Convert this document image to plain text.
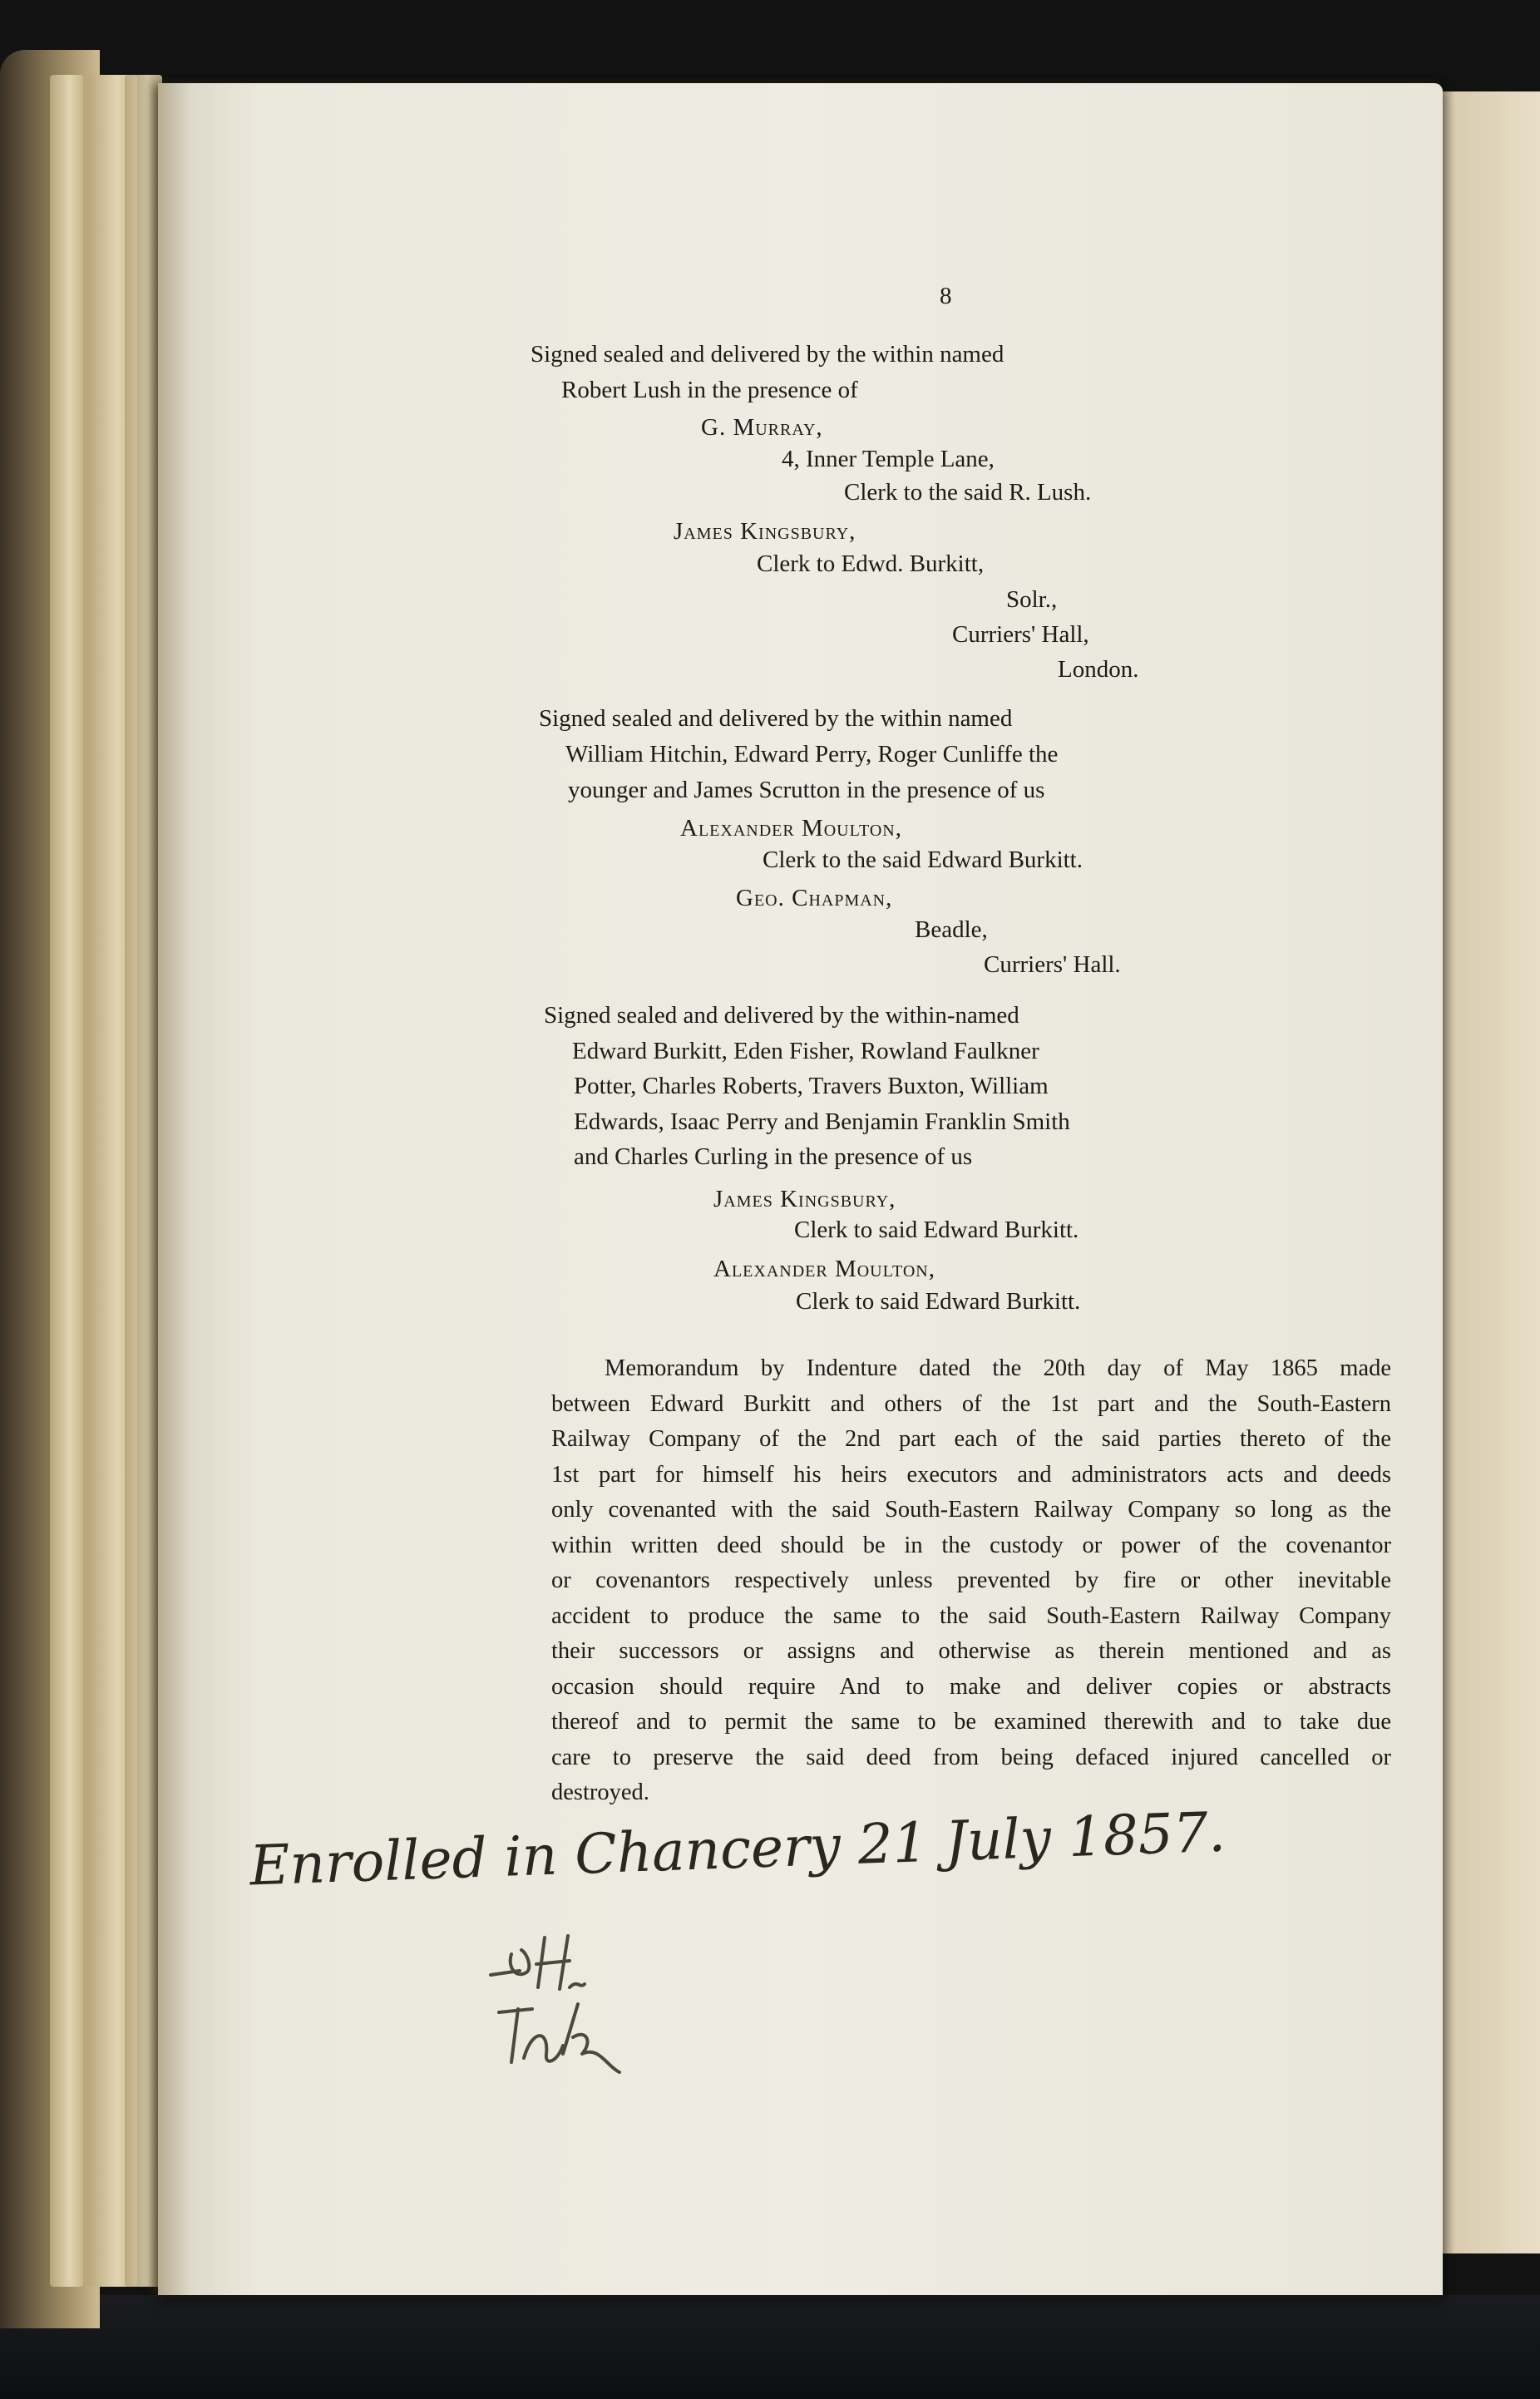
8
Signed sealed and delivered by the within named
Robert Lush in the presence of
G. Murray,
4, Inner Temple Lane,
Clerk to the said R. Lush.
James Kingsbury,
Clerk to Edwd. Burkitt,
Solr.,
Curriers' Hall,
London.
Signed sealed and delivered by the within named
William Hitchin, Edward Perry, Roger Cunliffe the
younger and James Scrutton in the presence of us
Alexander Moulton,
Clerk to the said Edward Burkitt.
Geo. Chapman,
Beadle,
Curriers' Hall.
Signed sealed and delivered by the within-named
Edward Burkitt, Eden Fisher, Rowland Faulkner
Potter, Charles Roberts, Travers Buxton, William
Edwards, Isaac Perry and Benjamin Franklin Smith
and Charles Curling in the presence of us
James Kingsbury,
Clerk to said Edward Burkitt.
Alexander Moulton,
Clerk to said Edward Burkitt.
Memorandum by Indenture dated the 20th day of May 1865 made
between Edward Burkitt and others of the 1st part and the South-Eastern
Railway Company of the 2nd part each of the said parties thereto of the
1st part for himself his heirs executors and administrators acts and deeds
only covenanted with the said South-Eastern Railway Company so long as the
within written deed should be in the custody or power of the covenantor
or covenantors respectively unless prevented by fire or other inevitable
accident to produce the same to the said South-Eastern Railway Company
their successors or assigns and otherwise as therein mentioned and as
occasion should require And to make and deliver copies or abstracts
thereof and to permit the same to be examined therewith and to take due
care to preserve the said deed from being defaced injured cancelled or
destroyed.
Enrolled in Chancery 21 July 1857.
